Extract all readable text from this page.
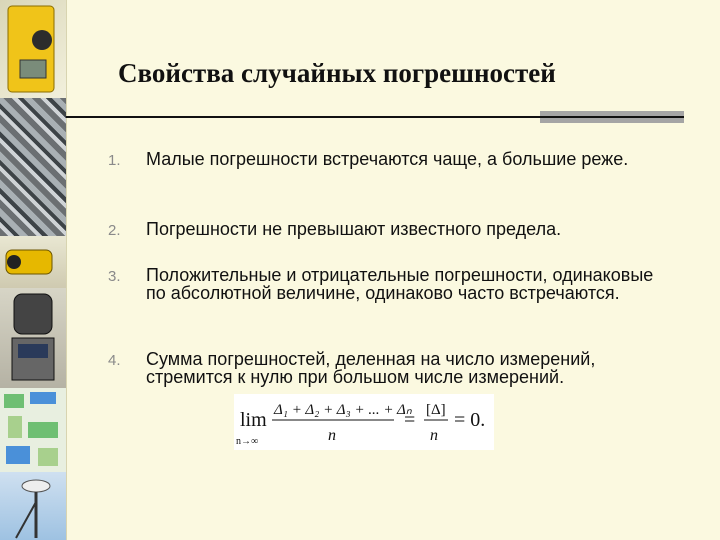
Свойства случайных погрешностей
1. Малые погрешности встречаются чаще, а большие реже.
2. Погрешности не превышают известного предела.
3. Положительные и отрицательные погрешности, одинаковые по абсолютной величине, одинаково часто встречаются.
4. Сумма погрешностей, деленная на число измерений, стремится к нулю при большом числе измерений.
lim
n→∞
Δ₁ + Δ₂ + Δ₃ + ... + Δₙ
n
= [Δ]
n
= 0.
